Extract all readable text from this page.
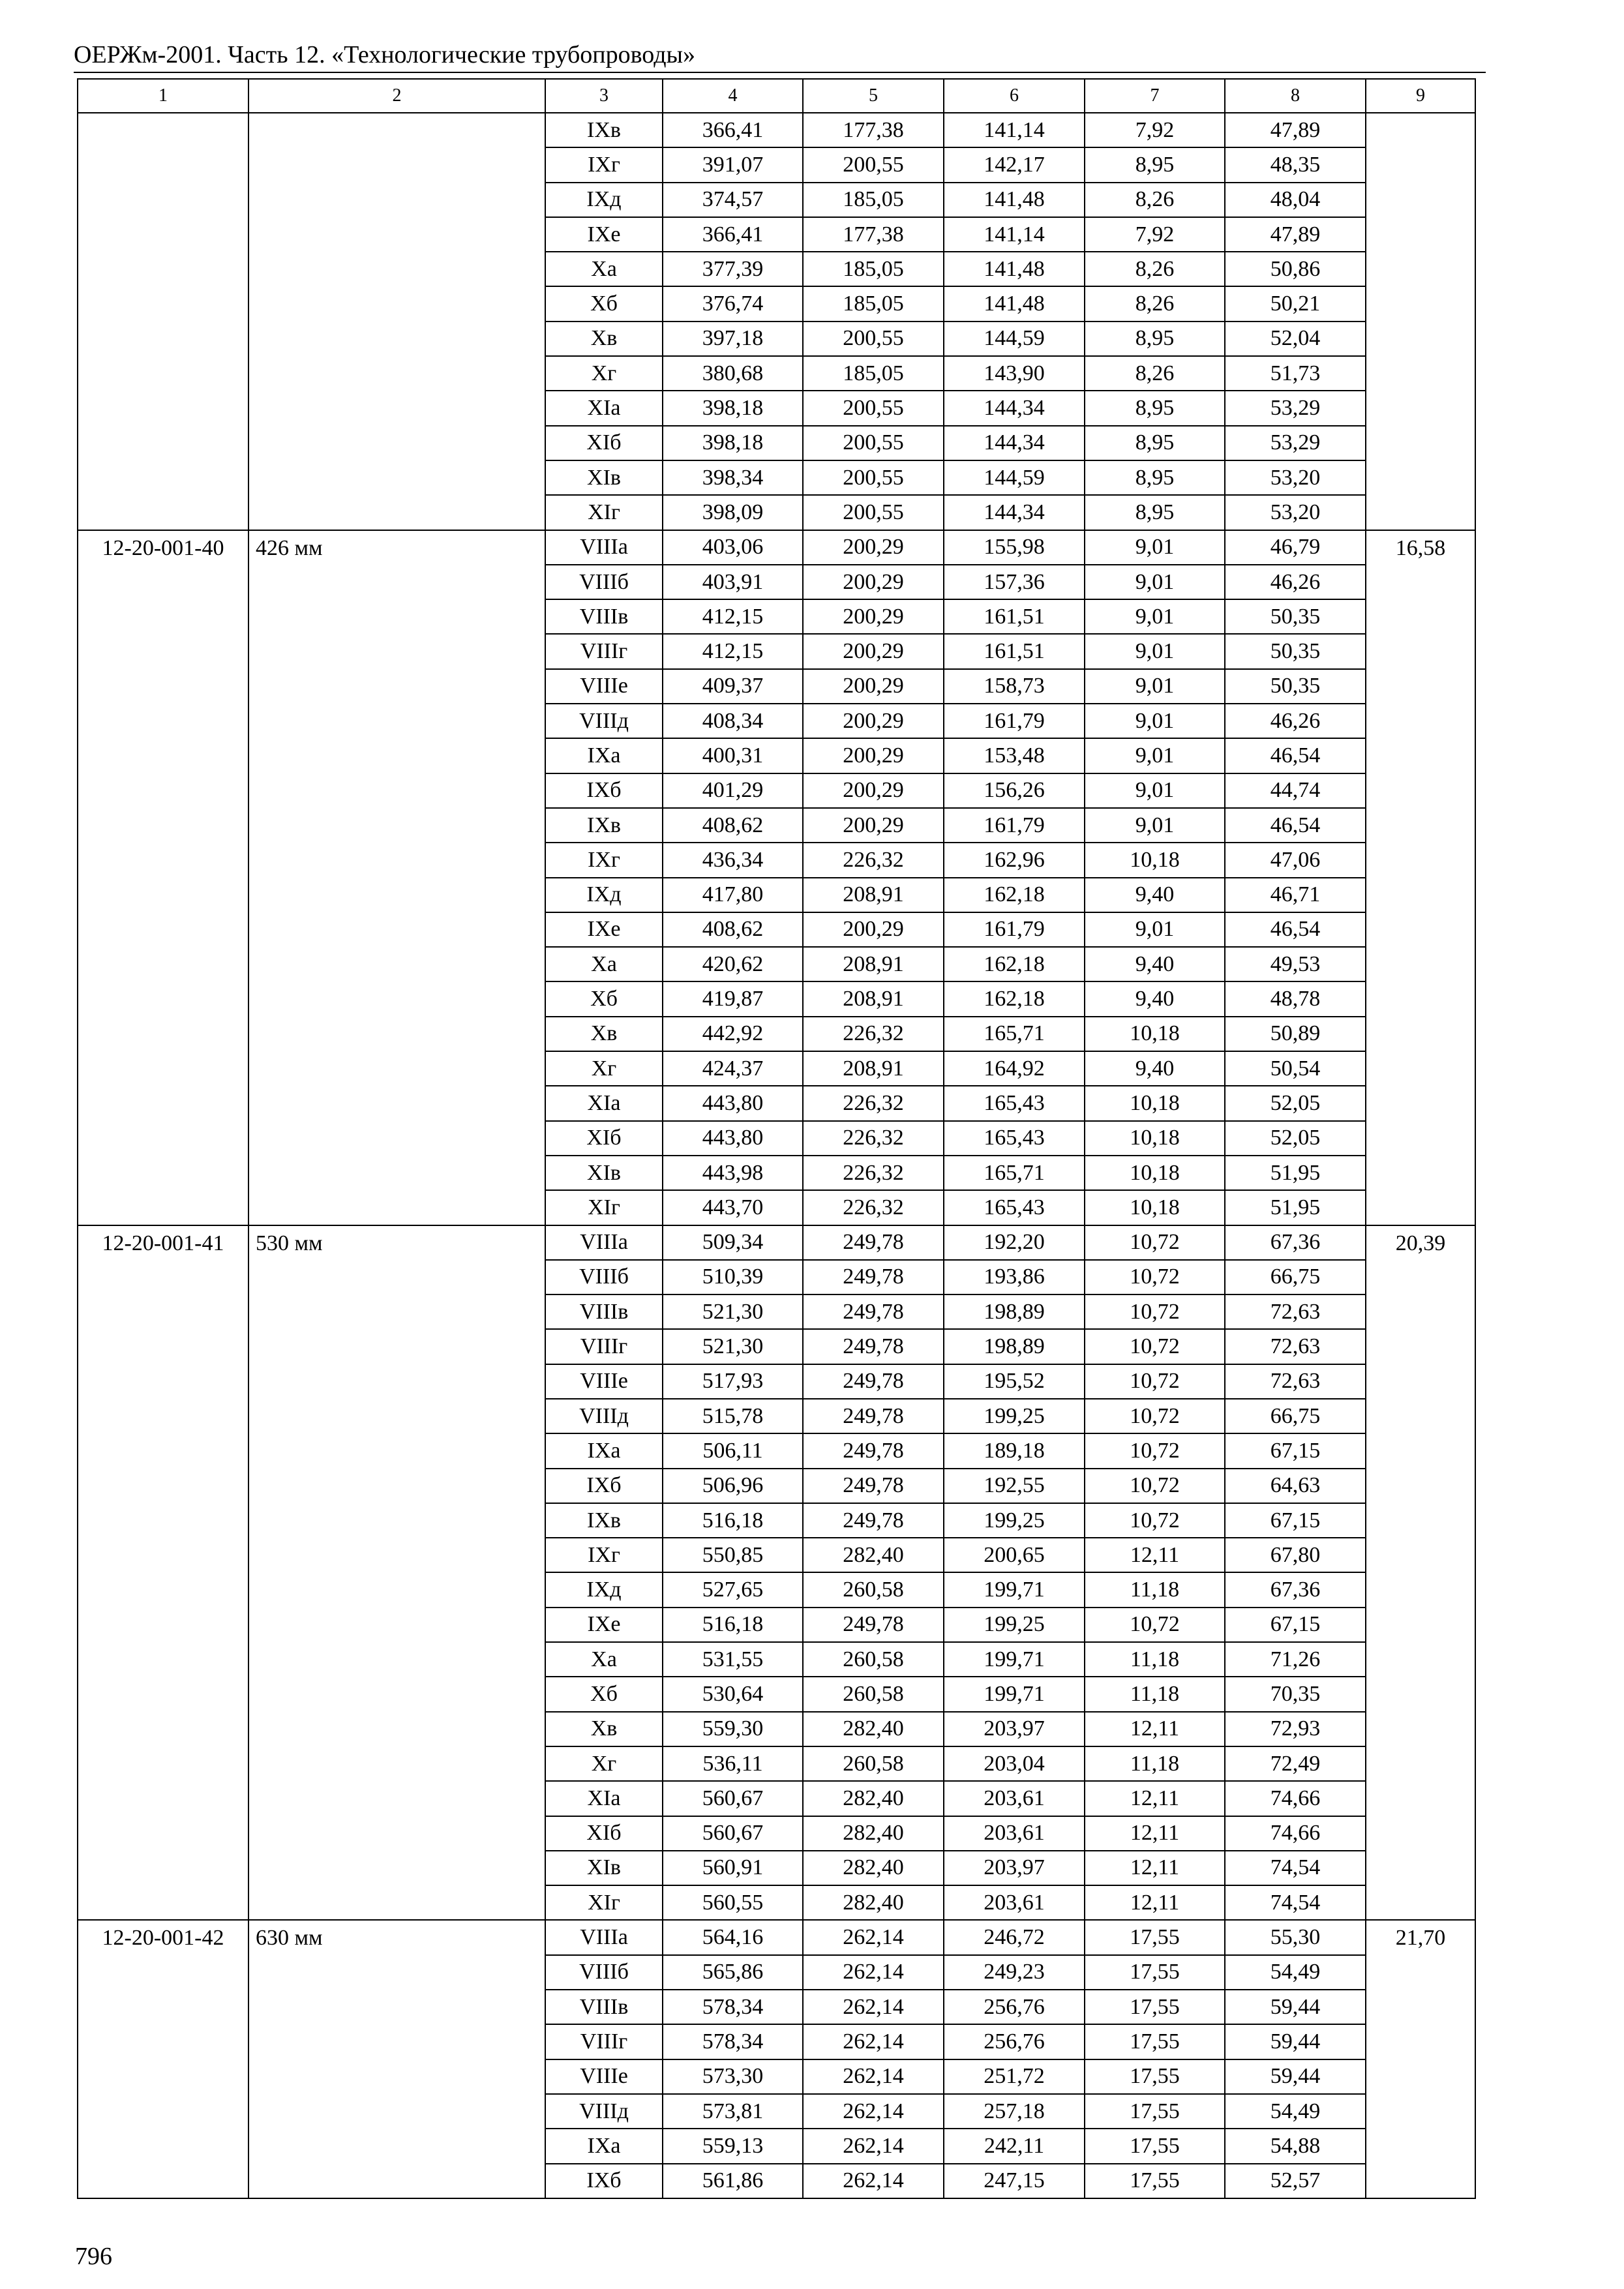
ОЕРЖм-2001. Часть 12. «Технологические трубопроводы»
1	2	3	4	5	6	7	8	9
		IXв	366,41	177,38	141,14	7,92	47,89	
		IXг	391,07	200,55	142,17	8,95	48,35	
		IXд	374,57	185,05	141,48	8,26	48,04	
		IXе	366,41	177,38	141,14	7,92	47,89	
		Xа	377,39	185,05	141,48	8,26	50,86	
		Xб	376,74	185,05	141,48	8,26	50,21	
		Xв	397,18	200,55	144,59	8,95	52,04	
		Xг	380,68	185,05	143,90	8,26	51,73	
		XIа	398,18	200,55	144,34	8,95	53,29	
		XIб	398,18	200,55	144,34	8,95	53,29	
		XIв	398,34	200,55	144,59	8,95	53,20	
		XIг	398,09	200,55	144,34	8,95	53,20	
12-20-001-40	426 мм	VIIIа	403,06	200,29	155,98	9,01	46,79	16,58
		VIIIб	403,91	200,29	157,36	9,01	46,26	
		VIIIв	412,15	200,29	161,51	9,01	50,35	
		VIIIг	412,15	200,29	161,51	9,01	50,35	
		VIIIе	409,37	200,29	158,73	9,01	50,35	
		VIIIд	408,34	200,29	161,79	9,01	46,26	
		IXа	400,31	200,29	153,48	9,01	46,54	
		IXб	401,29	200,29	156,26	9,01	44,74	
		IXв	408,62	200,29	161,79	9,01	46,54	
		IXг	436,34	226,32	162,96	10,18	47,06	
		IXд	417,80	208,91	162,18	9,40	46,71	
		IXе	408,62	200,29	161,79	9,01	46,54	
		Xа	420,62	208,91	162,18	9,40	49,53	
		Xб	419,87	208,91	162,18	9,40	48,78	
		Xв	442,92	226,32	165,71	10,18	50,89	
		Xг	424,37	208,91	164,92	9,40	50,54	
		XIа	443,80	226,32	165,43	10,18	52,05	
		XIб	443,80	226,32	165,43	10,18	52,05	
		XIв	443,98	226,32	165,71	10,18	51,95	
		XIг	443,70	226,32	165,43	10,18	51,95	
12-20-001-41	530 мм	VIIIа	509,34	249,78	192,20	10,72	67,36	20,39
		VIIIб	510,39	249,78	193,86	10,72	66,75	
		VIIIв	521,30	249,78	198,89	10,72	72,63	
		VIIIг	521,30	249,78	198,89	10,72	72,63	
		VIIIе	517,93	249,78	195,52	10,72	72,63	
		VIIIд	515,78	249,78	199,25	10,72	66,75	
		IXа	506,11	249,78	189,18	10,72	67,15	
		IXб	506,96	249,78	192,55	10,72	64,63	
		IXв	516,18	249,78	199,25	10,72	67,15	
		IXг	550,85	282,40	200,65	12,11	67,80	
		IXд	527,65	260,58	199,71	11,18	67,36	
		IXе	516,18	249,78	199,25	10,72	67,15	
		Xа	531,55	260,58	199,71	11,18	71,26	
		Xб	530,64	260,58	199,71	11,18	70,35	
		Xв	559,30	282,40	203,97	12,11	72,93	
		Xг	536,11	260,58	203,04	11,18	72,49	
		XIа	560,67	282,40	203,61	12,11	74,66	
		XIб	560,67	282,40	203,61	12,11	74,66	
		XIв	560,91	282,40	203,97	12,11	74,54	
		XIг	560,55	282,40	203,61	12,11	74,54	
12-20-001-42	630 мм	VIIIа	564,16	262,14	246,72	17,55	55,30	21,70
		VIIIб	565,86	262,14	249,23	17,55	54,49	
		VIIIв	578,34	262,14	256,76	17,55	59,44	
		VIIIг	578,34	262,14	256,76	17,55	59,44	
		VIIIе	573,30	262,14	251,72	17,55	59,44	
		VIIIд	573,81	262,14	257,18	17,55	54,49	
		IXа	559,13	262,14	242,11	17,55	54,88	
		IXб	561,86	262,14	247,15	17,55	52,57	
796
